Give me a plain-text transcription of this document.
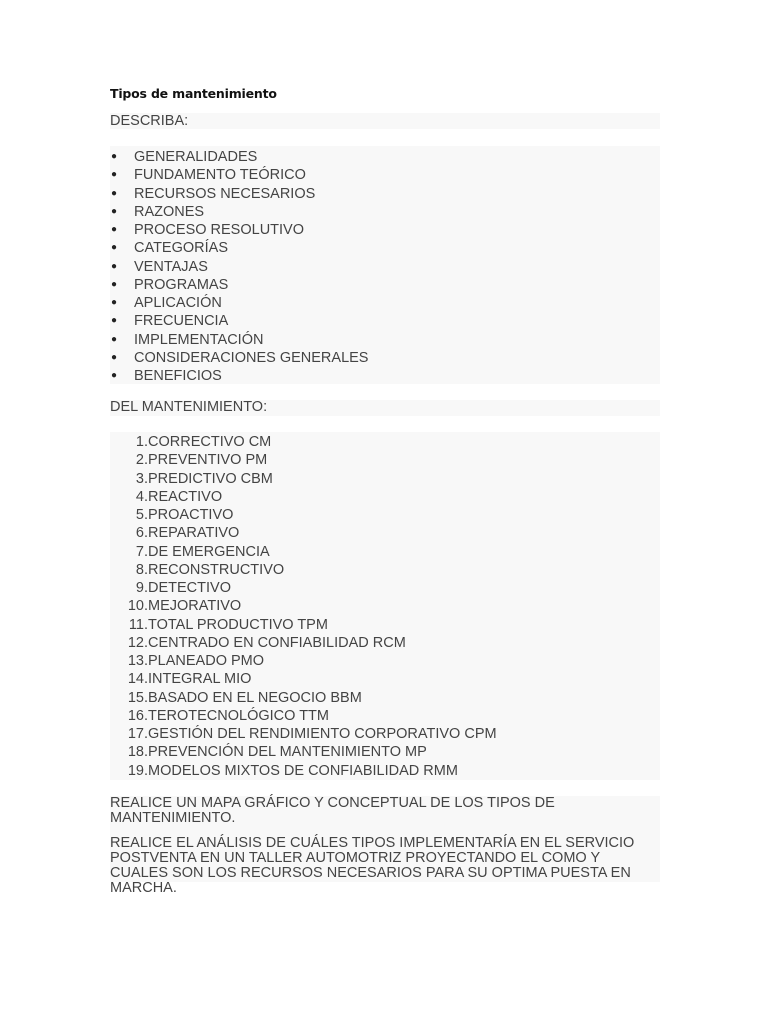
Tipos de mantenimiento

DESCRIBA:

● GENERALIDADES
● FUNDAMENTO TEÓRICO
● RECURSOS NECESARIOS
● RAZONES
● PROCESO RESOLUTIVO
● CATEGORÍAS
● VENTAJAS
● PROGRAMAS
● APLICACIÓN
● FRECUENCIA
● IMPLEMENTACIÓN
● CONSIDERACIONES GENERALES
● BENEFICIOS

DEL MANTENIMIENTO:

1. CORRECTIVO CM
2. PREVENTIVO PM
3. PREDICTIVO CBM
4. REACTIVO
5. PROACTIVO
6. REPARATIVO
7. DE EMERGENCIA
8. RECONSTRUCTIVO
9. DETECTIVO
10. MEJORATIVO
11. TOTAL PRODUCTIVO TPM
12. CENTRADO EN CONFIABILIDAD RCM
13. PLANEADO PMO
14. INTEGRAL MIO
15. BASADO EN EL NEGOCIO BBM
16. TEROTECNOLÓGICO TTM
17. GESTIÓN DEL RENDIMIENTO CORPORATIVO CPM
18. PREVENCIÓN DEL MANTENIMIENTO MP
19. MODELOS MIXTOS DE CONFIABILIDAD RMM

REALICE UN MAPA GRÁFICO Y CONCEPTUAL DE LOS TIPOS DE MANTENIMIENTO.

REALICE EL ANÁLISIS DE CUÁLES TIPOS IMPLEMENTARÍA EN EL SERVICIO POSTVENTA EN UN TALLER AUTOMOTRIZ PROYECTANDO EL COMO Y CUALES SON LOS RECURSOS NECESARIOS PARA SU OPTIMA PUESTA EN MARCHA.
